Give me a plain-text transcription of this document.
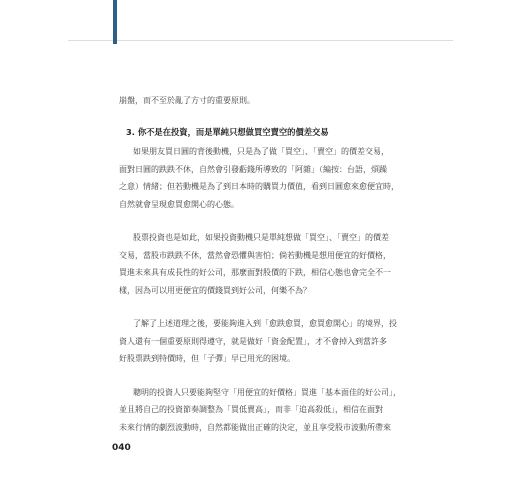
崩盤，而不至於亂了方寸的重要原則。

3. 你不是在投資，而是單純只想做買空賣空的價差交易

如果朋友買日圓的背後動機，只是為了做「買空」、「賣空」的價差交易，
面對日圓的跌跌不休，自然會引發虧錢所導致的「阿雜」（編按：台語，煩躁
之意）情緒；但若動機是為了到日本時的購買力價值，看到日圓愈來愈便宜時，
自然就會呈現愈買愈開心的心態。

股票投資也是如此，如果投資動機只是單純想做「買空」、「賣空」的價差
交易，當股市跌跌不休，當然會恐懼與害怕；倘若動機是想用便宜的好價格，
買進未來具有成長性的好公司，那麼面對股價的下跌，相信心態也會完全不一
樣，因為可以用更便宜的價錢買到好公司，何樂不為？

了解了上述道理之後，要能夠進入到「愈跌愈買，愈買愈開心」的境界，投
資人還有一個重要原則得遵守，就是做好「資金配置」，才不會掉入到當許多
好股票跌到特價時，但「子彈」早已用光的困境。

聰明的投資人只要能夠堅守「用便宜的好價格」買進「基本面佳的好公司」，
並且將自己的投資節奏調整為「買低賣高」，而非「追高殺低」，相信在面對
未來行情的劇烈波動時，自然都能做出正確的決定，並且享受股市波動所帶來

040
